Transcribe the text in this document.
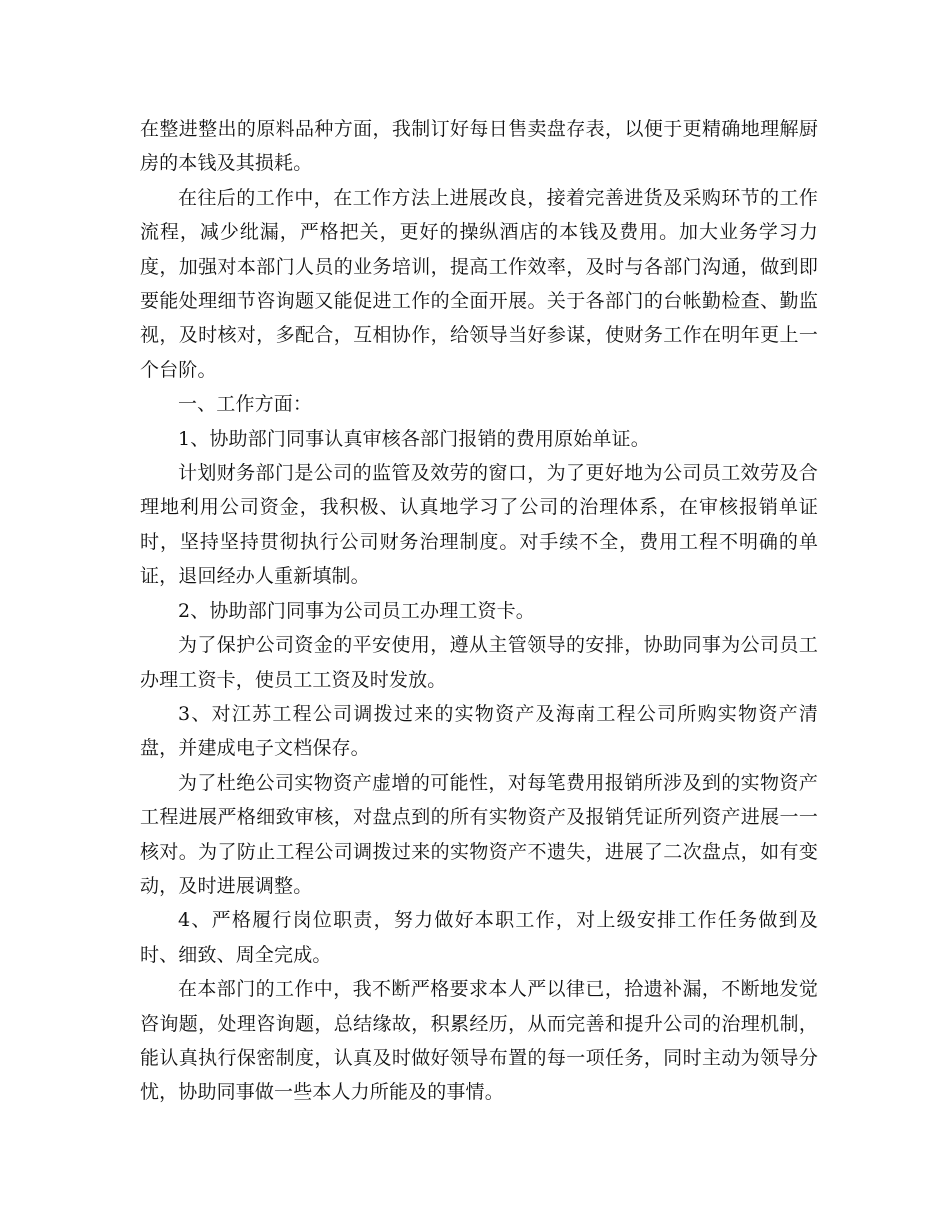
在整进整出的原料品种方面，我制订好每日售卖盘存表，以便于更精确地理解厨房的本钱及其损耗。

在往后的工作中，在工作方法上进展改良，接着完善进货及采购环节的工作流程，减少纰漏，严格把关，更好的操纵酒店的本钱及费用。加大业务学习力度，加强对本部门人员的业务培训，提高工作效率，及时与各部门沟通，做到即要能处理细节咨询题又能促进工作的全面开展。关于各部门的台帐勤检查、勤监视，及时核对，多配合，互相协作，给领导当好参谋，使财务工作在明年更上一个台阶。

一、工作方面：

1、协助部门同事认真审核各部门报销的费用原始单证。

计划财务部门是公司的监管及效劳的窗口，为了更好地为公司员工效劳及合理地利用公司资金，我积极、认真地学习了公司的治理体系，在审核报销单证时，坚持坚持贯彻执行公司财务治理制度。对手续不全，费用工程不明确的单证，退回经办人重新填制。

2、协助部门同事为公司员工办理工资卡。

为了保护公司资金的平安使用，遵从主管领导的安排，协助同事为公司员工办理工资卡，使员工工资及时发放。

3、对江苏工程公司调拨过来的实物资产及海南工程公司所购实物资产清盘，并建成电子文档保存。

为了杜绝公司实物资产虚增的可能性，对每笔费用报销所涉及到的实物资产工程进展严格细致审核，对盘点到的所有实物资产及报销凭证所列资产进展一一核对。为了防止工程公司调拨过来的实物资产不遗失，进展了二次盘点，如有变动，及时进展调整。

4、严格履行岗位职责，努力做好本职工作，对上级安排工作任务做到及时、细致、周全完成。

在本部门的工作中，我不断严格要求本人严以律已，拾遗补漏，不断地发觉咨询题，处理咨询题，总结缘故，积累经历，从而完善和提升公司的治理机制，能认真执行保密制度，认真及时做好领导布置的每一项任务，同时主动为领导分忧，协助同事做一些本人力所能及的事情。
